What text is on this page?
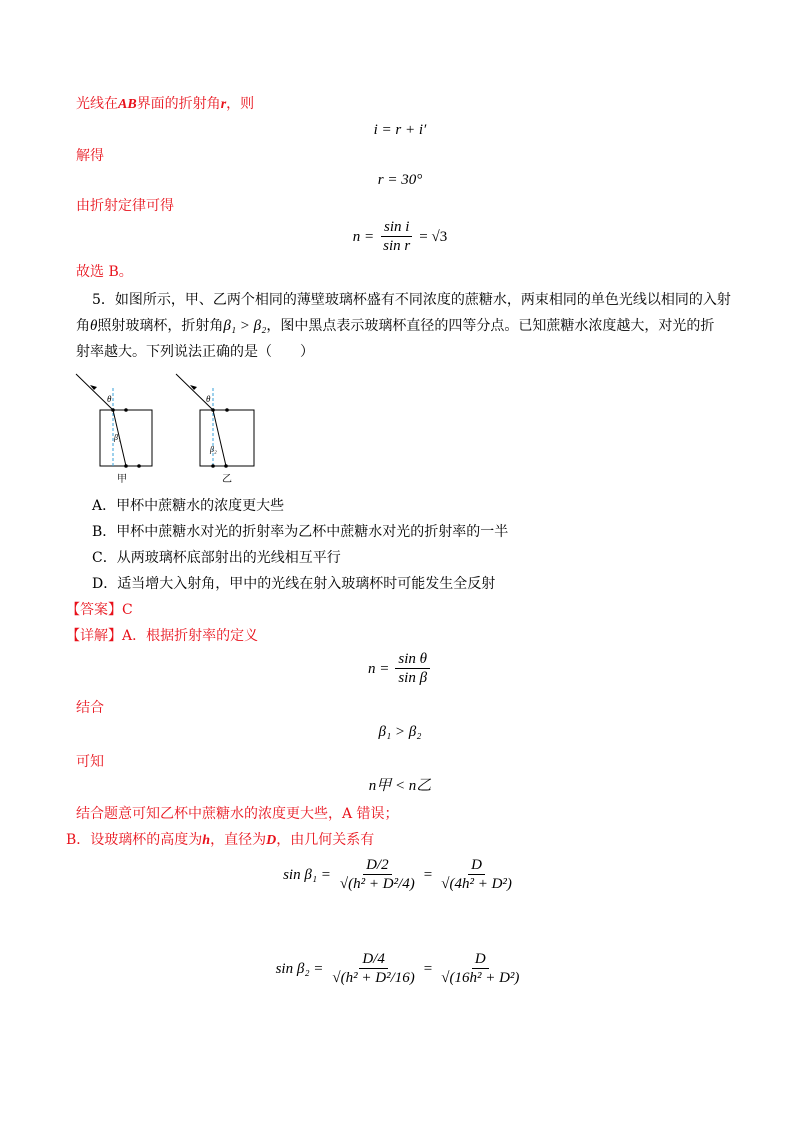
光线在AB界面的折射角r，则
i = r + i′
解得
r = 30°
由折射定律可得
$n = \frac{\text{sin i}}{\text{sin r}} = √3$
故选 B。
5．如图所示，甲、乙两个相同的薄壁玻璃杯盛有不同浓度的蔗糖水，两束相同的单色光线以相同的入射
角θ照射玻璃杯，折射角β₁ > β₂，图中黑点表示玻璃杯直径的四等分点。已知蔗糖水浓度越大，对光的折
射率越大。下列说法正确的是（　　）
θ
β₁
甲
θ
β₂
乙
A．甲杯中蔗糖水的浓度更大些
B．甲杯中蔗糖水对光的折射率为乙杯中蔗糖水对光的折射率的一半
C．从两玻璃杯底部射出的光线相互平行
D．适当增大入射角，甲中的光线在射入玻璃杯时可能发生全反射
【答案】C
【详解】A．根据折射率的定义
$n = \frac{\text{sin θ}}{\text{sin β}}$
结合
β₁ > β₂
可知
n甲 < n乙
结合题意可知乙杯中蔗糖水的浓度更大些，A 错误；
B．设玻璃杯的高度为h，直径为D，由几何关系有
$\sin \beta_1 = \frac{D/2}{\text{√(h² + D²/4)}} = \frac{D}{\text{√(4h² + D²)}}$
$\sin \beta_2 = \frac{D/4}{\text{√(h² + D²/16)}} = \frac{D}{\text{√(16h² + D²)}}$
